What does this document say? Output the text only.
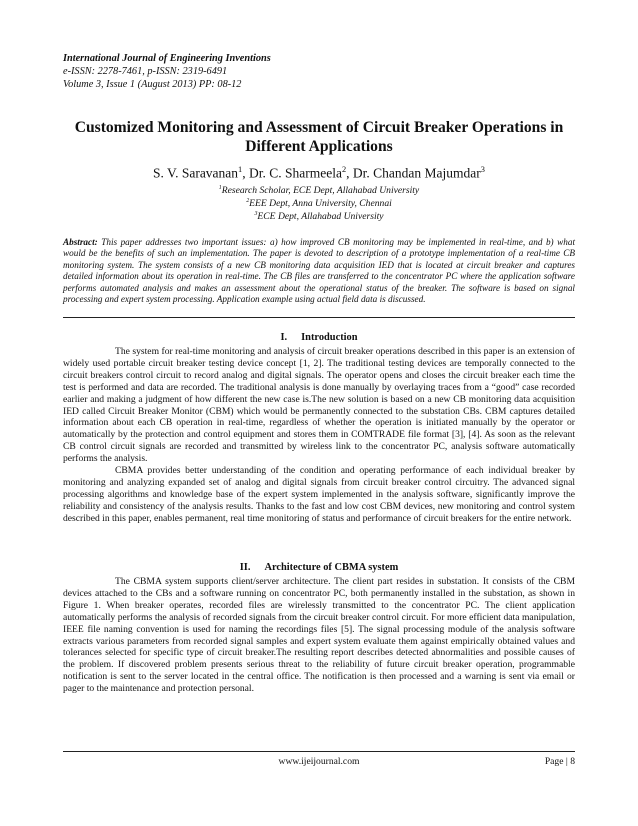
International Journal of Engineering Inventions
e-ISSN: 2278-7461, p-ISSN: 2319-6491
Volume 3, Issue 1 (August 2013) PP: 08-12
Customized Monitoring and Assessment of Circuit Breaker Operations in Different Applications
S. V. Saravanan$^1$, Dr. C. Sharmeela$^2$, Dr. Chandan Majumdar$^3$
$^1$Research Scholar, ECE Dept, Allahabad University
$^2$EEE Dept, Anna University, Chennai
$^3$ECE Dept, Allahabad University
Abstract: This paper addresses two important issues: a) how improved CB monitoring may be implemented in real-time, and b) what would be the benefits of such an implementation. The paper is devoted to description of a prototype implementation of a real-time CB monitoring system. The system consists of a new CB monitoring data acquisition IED that is located at circuit breaker and captures detailed information about its operation in real-time. The CB files are transferred to the concentrator PC where the application software performs automated analysis and makes an assessment about the operational status of the breaker. The software is based on signal processing and expert system processing. Application example using actual field data is discussed.
I. Introduction

The system for real-time monitoring and analysis of circuit breaker operations described in this paper is an extension of widely used portable circuit breaker testing device concept [1, 2]. The traditional testing devices are temporally connected to the circuit breakers control circuit to record analog and digital signals. The operator opens and closes the circuit breaker each time the test is performed and data are recorded. The traditional analysis is done manually by overlaying traces from a “good” case recorded earlier and making a judgment of how different the new case is.The new solution is based on a new CB monitoring data acquisition IED called Circuit Breaker Monitor (CBM) which would be permanently connected to the substation CBs. CBM captures detailed information about each CB operation in real-time, regardless of whether the operation is initiated manually by the operator or automatically by the protection and control equipment and stores them in COMTRADE file format [3], [4]. As soon as the relevant CB control circuit signals are recorded and transmitted by wireless link to the concentrator PC, analysis software automatically performs the analysis.

CBMA provides better understanding of the condition and operating performance of each individual breaker by monitoring and analyzing expanded set of analog and digital signals from circuit breaker control circuitry. The advanced signal processing algorithms and knowledge base of the expert system implemented in the analysis software, significantly improve the reliability and consistency of the analysis results. Thanks to the fast and low cost CBM devices, new monitoring and control system described in this paper, enables permanent, real time monitoring of status and performance of circuit breakers for the entire network.

II. Architecture of CBMA system

The CBMA system supports client/server architecture. The client part resides in substation. It consists of the CBM devices attached to the CBs and a software running on concentrator PC, both permanently installed in the substation, as shown in Figure 1. When breaker operates, recorded files are wirelessly transmitted to the concentrator PC. The client application automatically performs the analysis of recorded signals from the circuit breaker control circuit. For more efficient data manipulation, IEEE file naming convention is used for naming the recordings files [5]. The signal processing module of the analysis software extracts various parameters from recorded signal samples and expert system evaluate them against empirically obtained values and tolerances selected for specific type of circuit breaker.The resulting report describes detected abnormalities and possible causes of the problem. If discovered problem presents serious threat to the reliability of future circuit breaker operation, programmable notification is sent to the server located in the central office. The notification is then processed and a warning is sent via email or pager to the maintenance and protection personal.

www.ijeijournal.com	Page | 8
